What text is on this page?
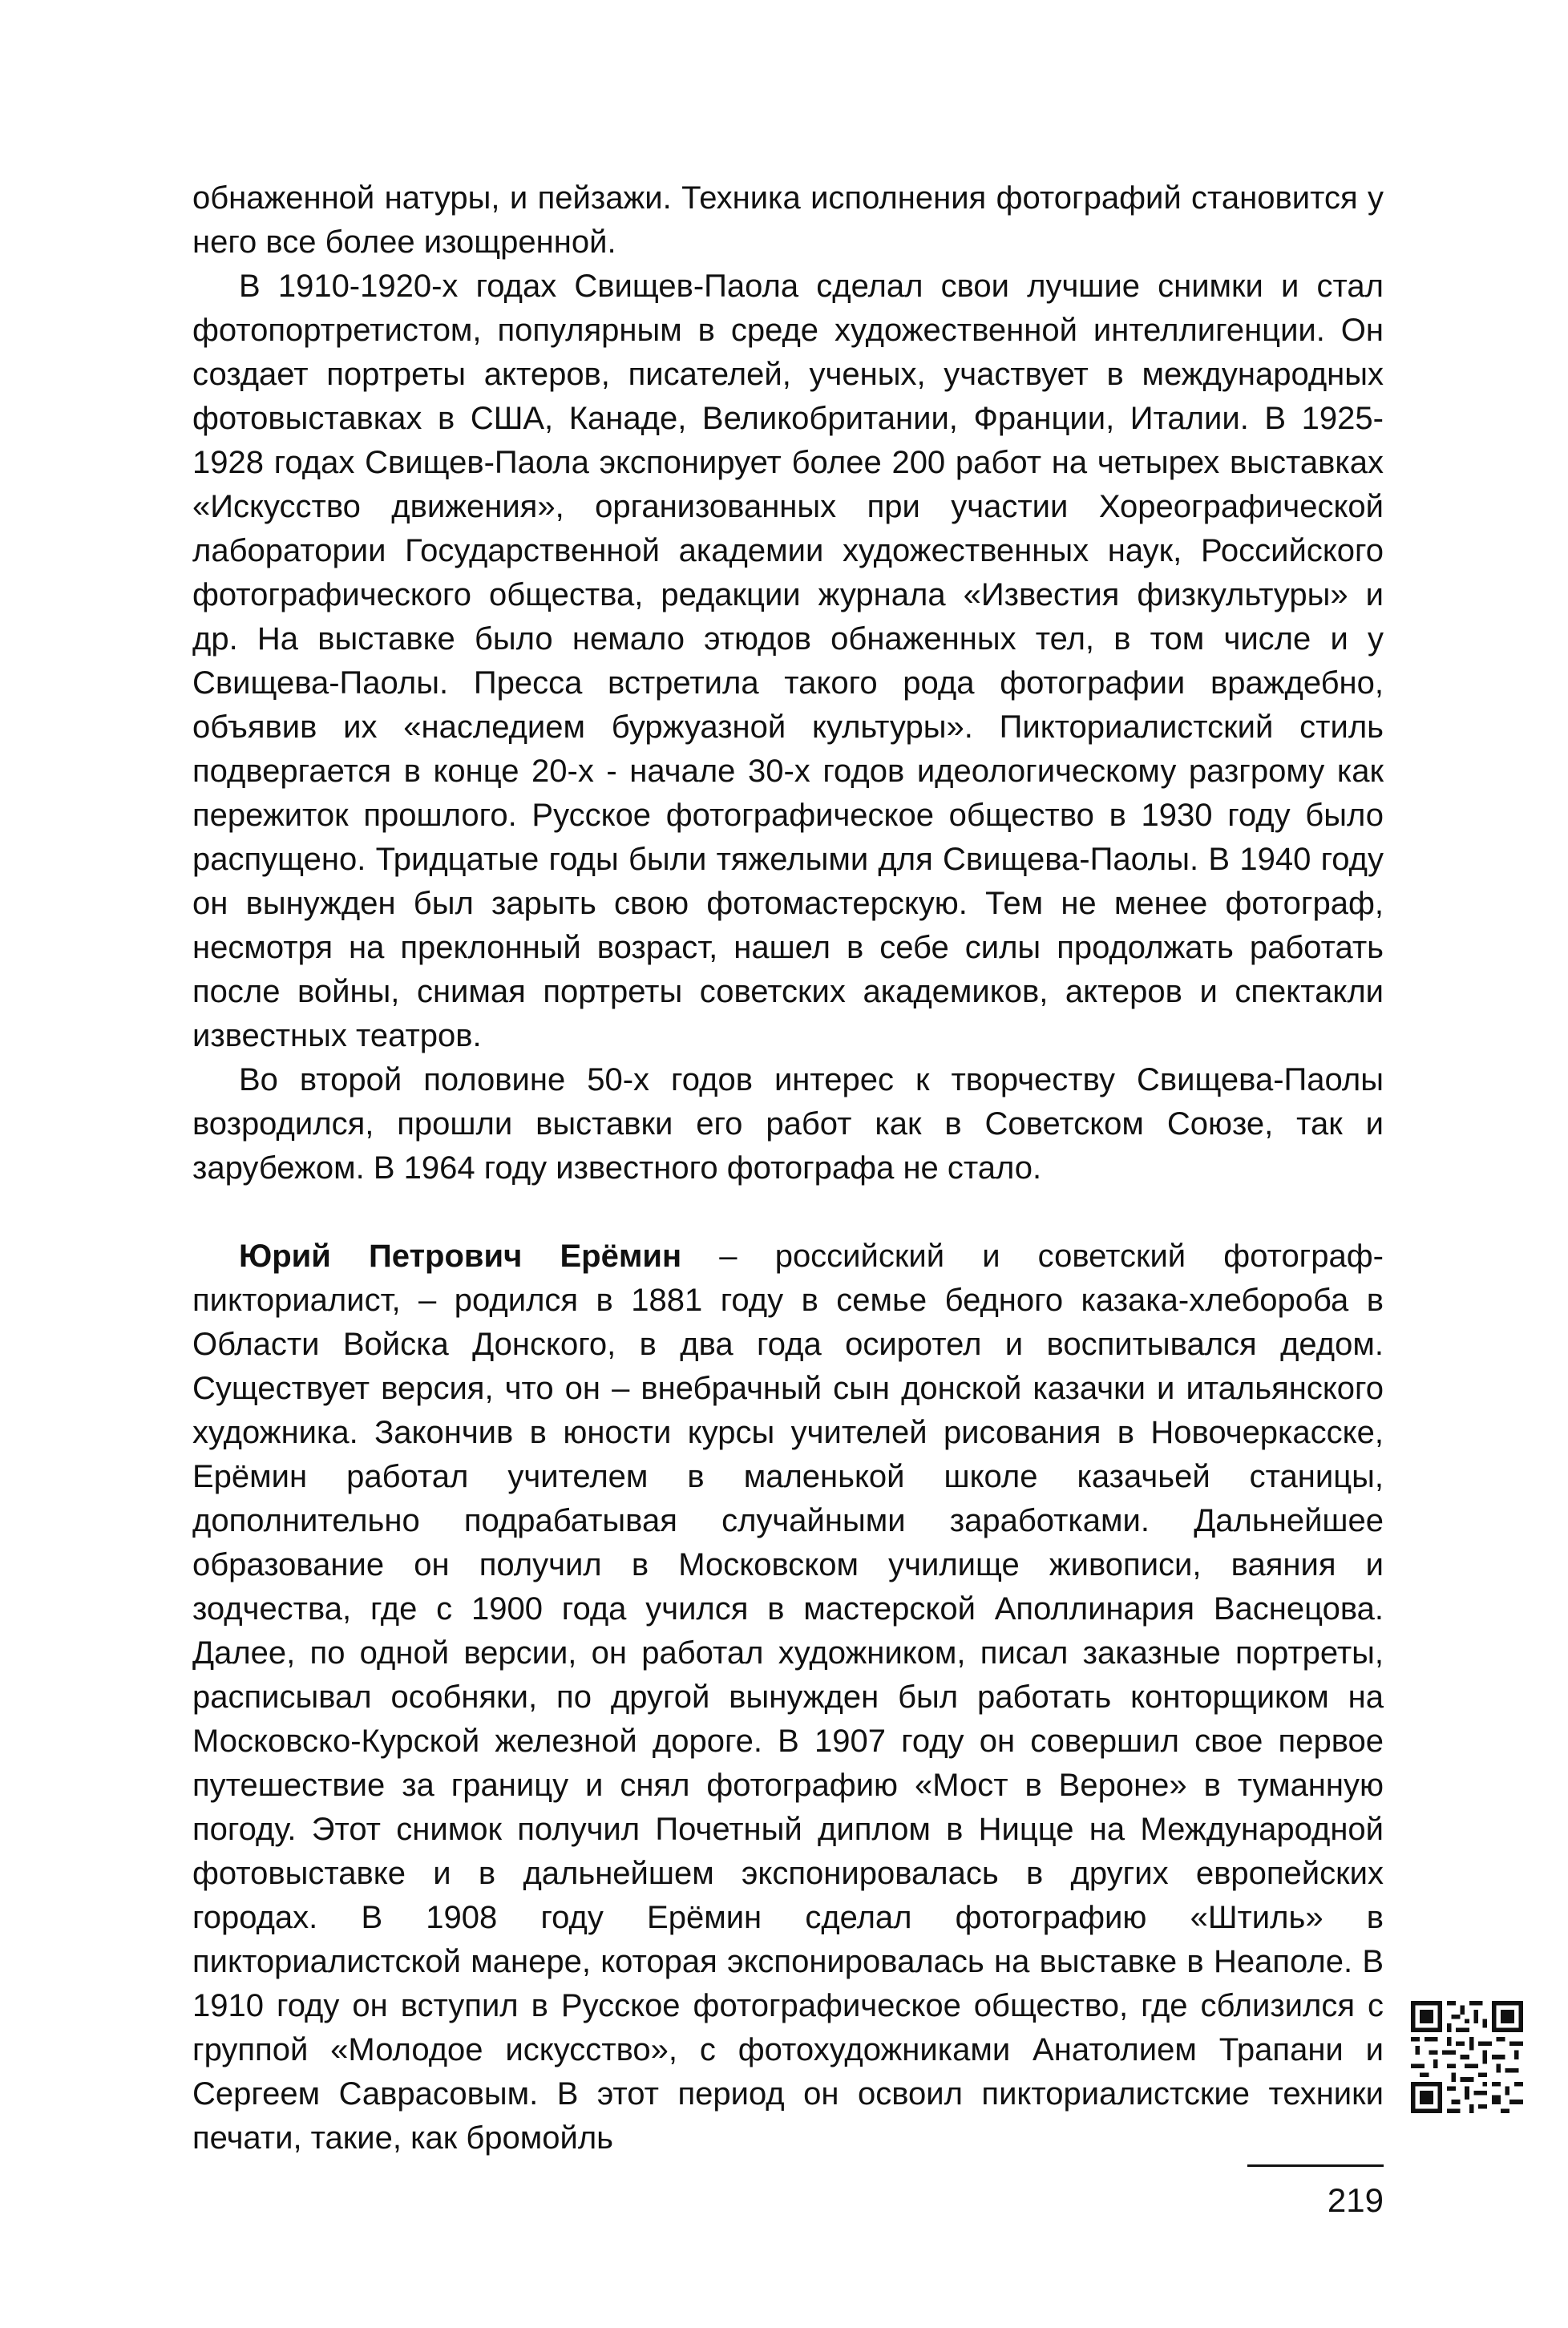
обнаженной натуры, и пейзажи. Техника исполнения фотографий становится у него все более изощренной.

В 1910-1920-х годах Свищев-Паола сделал свои лучшие снимки и стал фотопортретистом, популярным в среде художественной интеллигенции. Он создает портреты актеров, писателей, ученых, участвует в международных фотовыставках в США, Канаде, Великобритании, Франции, Италии. В 1925-1928 годах Свищев-Паола экспонирует более 200 работ на четырех выставках «Искусство движения», организованных при участии Хореографической лаборатории Государственной академии художественных наук, Российского фотографического общества, редакции журнала «Известия физкультуры» и др. На выставке было немало этюдов обнаженных тел, в том числе и у Свищева-Паолы. Пресса встретила такого рода фотографии враждебно, объявив их «наследием буржуазной культуры». Пикториалистский стиль подвергается в конце 20-х - начале 30-х годов идеологическому разгрому как пережиток прошлого. Русское фотографическое общество в 1930 году было распущено. Тридцатые годы были тяжелыми для Свищева-Паолы. В 1940 году он вынужден был зарыть свою фотомастерскую. Тем не менее фотограф, несмотря на преклонный возраст, нашел в себе силы продолжать работать после войны, снимая портреты советских академиков, актеров и спектакли известных театров.

Во второй половине 50-х годов интерес к творчеству Свищева-Паолы возродился, прошли выставки его работ как в Советском Союзе, так и зарубежом. В 1964 году известного фотографа не стало.

Юрий Петрович Ерёмин – российский и советский фотограф-пикториалист, – родился в 1881 году в семье бедного казака-хлебороба в Области Войска Донского, в два года осиротел и воспитывался дедом. Существует версия, что он – внебрачный сын донской казачки и итальянского художника. Закончив в юности курсы учителей рисования в Новочеркасске, Ерёмин работал учителем в маленькой школе казачьей станицы, дополнительно подрабатывая случайными заработками. Дальнейшее образование он получил в Московском училище живописи, ваяния и зодчества, где с 1900 года учился в мастерской Аполлинария Васнецова. Далее, по одной версии, он работал художником, писал заказные портреты, расписывал особняки, по другой вынужден был работать конторщиком на Московско-Курской железной дороге. В 1907 году он совершил свое первое путешествие за границу и снял фотографию «Мост в Вероне» в туманную погоду. Этот снимок получил Почетный диплом в Ницце на Международной фотовыставке и в дальнейшем экспонировалась в других европейских городах. В 1908 году Ерёмин сделал фотографию «Штиль» в пикториалистской манере, которая экспонировалась на выставке в Неаполе. В 1910 году он вступил в Русское фотографическое общество, где сблизился с группой «Молодое искусство», с фотохудожниками Анатолием Трапани и Сергеем Саврасовым. В этот период он освоил пикториалистские техники печати, такие, как бромойль

219
